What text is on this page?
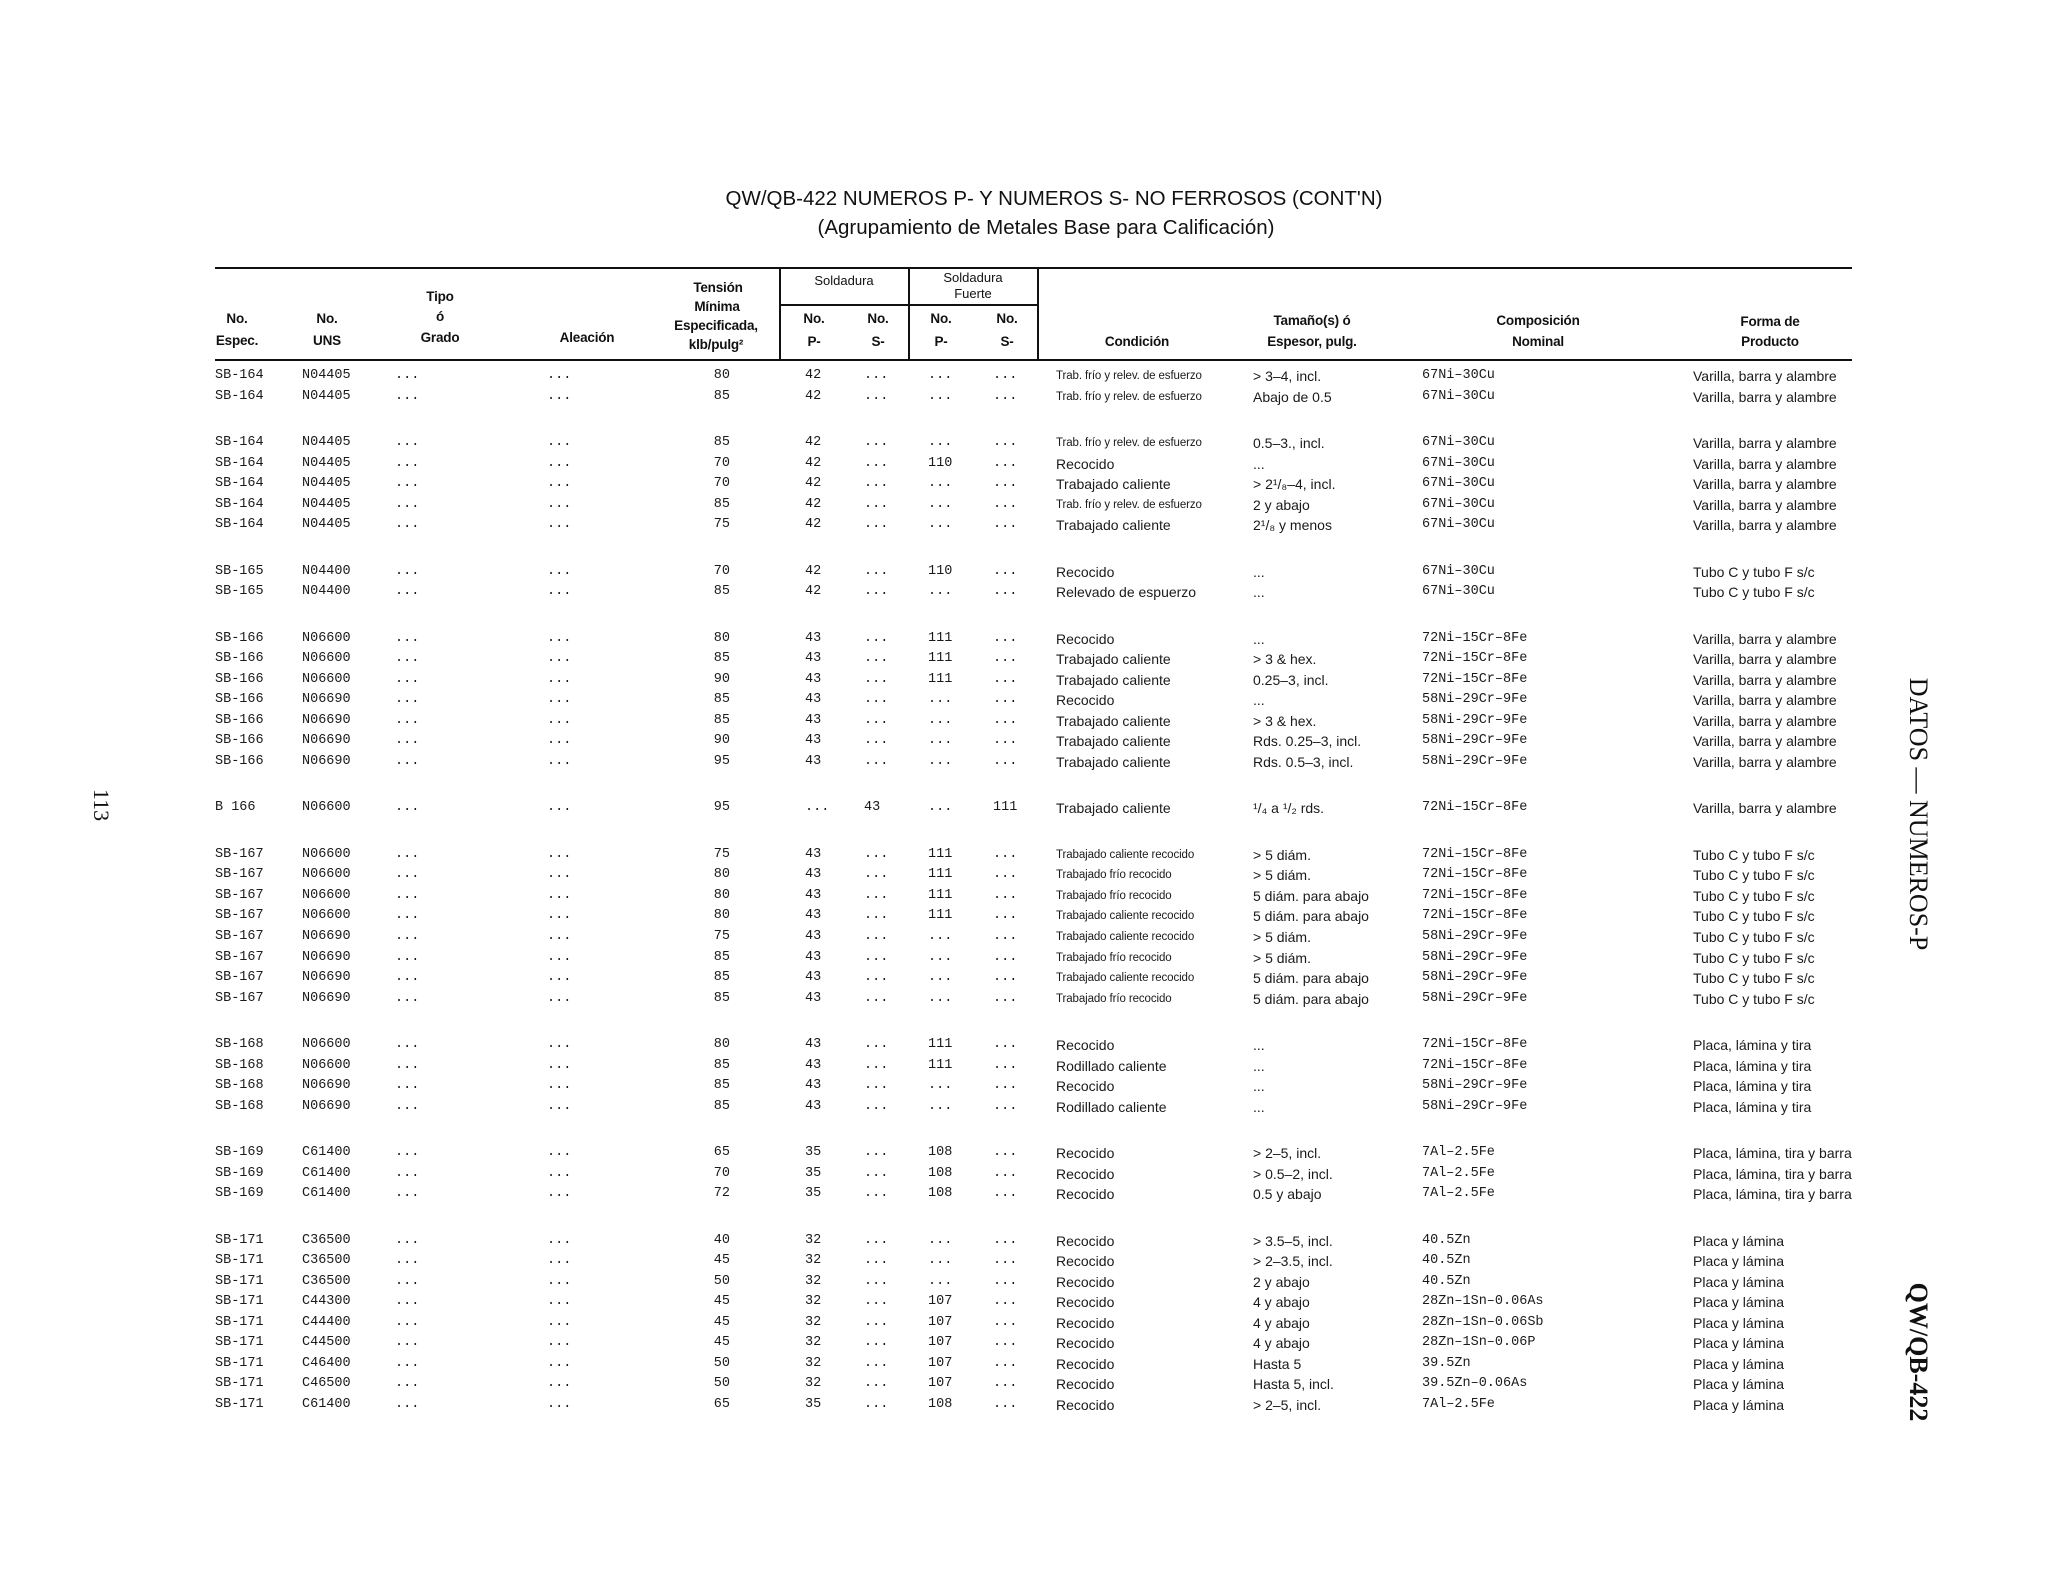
QW/QB-422 NUMEROS P- Y NUMEROS S- NO FERROSOS (CONT'N)
(Agrupamiento de Metales Base para Calificación)
No.
Espec.
No.
UNS
Tipo
ó
Grado	Aleación
Tensión
Mínima
Especificada,
klb/pulg²
Soldadura	Soldadura
Fuerte
No.
P-
No.
S-
No.
P-
No.
S-	Condición
Tamaño(s) ó
Espesor, pulg.
Composición
Nominal
Forma de
Producto
SB-164	N04405	...	...	80	42	...	...	...	Trab. frío y relev. de esfuerzo	> 3–4, incl.	67Ni–30Cu	Varilla, barra y alambre
SB-164	N04405	...	...	85	42	...	...	...	Trab. frío y relev. de esfuerzo	Abajo de 0.5	67Ni–30Cu	Varilla, barra y alambre
SB-164	N04405	...	...	85	42	...	...	...	Trab. frío y relev. de esfuerzo	0.5–3., incl.	67Ni–30Cu	Varilla, barra y alambre
SB-164	N04405	...	...	70	42	...	110	...	Recocido	...	67Ni–30Cu	Varilla, barra y alambre
SB-164	N04405	...	...	70	42	...	...	...	Trabajado caliente	> 2¹/₈–4, incl.	67Ni–30Cu	Varilla, barra y alambre
SB-164	N04405	...	...	85	42	...	...	...	Trab. frío y relev. de esfuerzo	2 y abajo	67Ni–30Cu	Varilla, barra y alambre
SB-164	N04405	...	...	75	42	...	...	...	Trabajado caliente	2¹/₈ y menos	67Ni–30Cu	Varilla, barra y alambre
SB-165	N04400	...	...	70	42	...	110	...	Recocido	...	67Ni–30Cu	Tubo C y tubo F s/c
SB-165	N04400	...	...	85	42	...	...	...	Relevado de espuerzo	...	67Ni–30Cu	Tubo C y tubo F s/c
SB-166	N06600	...	...	80	43	...	111	...	Recocido	...	72Ni–15Cr–8Fe	Varilla, barra y alambre
SB-166	N06600	...	...	85	43	...	111	...	Trabajado caliente	> 3 & hex.	72Ni–15Cr–8Fe	Varilla, barra y alambre
SB-166	N06600	...	...	90	43	...	111	...	Trabajado caliente	0.25–3, incl.	72Ni–15Cr–8Fe	Varilla, barra y alambre
SB-166	N06690	...	...	85	43	...	...	...	Recocido	...	58Ni–29Cr–9Fe	Varilla, barra y alambre
SB-166	N06690	...	...	85	43	...	...	...	Trabajado caliente	> 3 & hex.	58Ni-29Cr–9Fe	Varilla, barra y alambre
SB-166	N06690	...	...	90	43	...	...	...	Trabajado caliente	Rds. 0.25–3, incl.	58Ni–29Cr–9Fe	Varilla, barra y alambre
SB-166	N06690	...	...	95	43	...	...	...	Trabajado caliente	Rds. 0.5–3, incl.	58Ni–29Cr–9Fe	Varilla, barra y alambre
B 166	N06600	...	...	95	...	43	...	111	Trabajado caliente	¹/₄ a ¹/₂ rds.	72Ni–15Cr–8Fe	Varilla, barra y alambre
SB-167	N06600	...	...	75	43	...	111	...	Trabajado caliente recocido	> 5 diám.	72Ni–15Cr–8Fe	Tubo C y tubo F s/c
SB-167	N06600	...	...	80	43	...	111	...	Trabajado frío recocido	> 5 diám.	72Ni–15Cr–8Fe	Tubo C y tubo F s/c
SB-167	N06600	...	...	80	43	...	111	...	Trabajado frío recocido	5 diám. para abajo	72Ni–15Cr–8Fe	Tubo C y tubo F s/c
SB-167	N06600	...	...	80	43	...	111	...	Trabajado caliente recocido	5 diám. para abajo	72Ni–15Cr–8Fe	Tubo C y tubo F s/c
SB-167	N06690	...	...	75	43	...	...	...	Trabajado caliente recocido	> 5 diám.	58Ni–29Cr–9Fe	Tubo C y tubo F s/c
SB-167	N06690	...	...	85	43	...	...	...	Trabajado frío recocido	> 5 diám.	58Ni–29Cr–9Fe	Tubo C y tubo F s/c
SB-167	N06690	...	...	85	43	...	...	...	Trabajado caliente recocido	5 diám. para abajo	58Ni–29Cr–9Fe	Tubo C y tubo F s/c
SB-167	N06690	...	...	85	43	...	...	...	Trabajado frío recocido	5 diám. para abajo	58Ni–29Cr–9Fe	Tubo C y tubo F s/c
SB-168	N06600	...	...	80	43	...	111	...	Recocido	...	72Ni–15Cr–8Fe	Placa, lámina y tira
SB-168	N06600	...	...	85	43	...	111	...	Rodillado caliente	...	72Ni–15Cr–8Fe	Placa, lámina y tira
SB-168	N06690	...	...	85	43	...	...	...	Recocido	...	58Ni–29Cr–9Fe	Placa, lámina y tira
SB-168	N06690	...	...	85	43	...	...	...	Rodillado caliente	...	58Ni–29Cr–9Fe	Placa, lámina y tira
SB-169	C61400	...	...	65	35	...	108	...	Recocido	> 2–5, incl.	7Al–2.5Fe	Placa, lámina, tira y barra
SB-169	C61400	...	...	70	35	...	108	...	Recocido	> 0.5–2, incl.	7Al–2.5Fe	Placa, lámina, tira y barra
SB-169	C61400	...	...	72	35	...	108	...	Recocido	0.5 y abajo	7Al–2.5Fe	Placa, lámina, tira y barra
SB-171	C36500	...	...	40	32	...	...	...	Recocido	> 3.5–5, incl.	40.5Zn	Placa y lámina
SB-171	C36500	...	...	45	32	...	...	...	Recocido	> 2–3.5, incl.	40.5Zn	Placa y lámina
SB-171	C36500	...	...	50	32	...	...	...	Recocido	2 y abajo	40.5Zn	Placa y lámina
SB-171	C44300	...	...	45	32	...	107	...	Recocido	4 y abajo	28Zn–1Sn–0.06As	Placa y lámina
SB-171	C44400	...	...	45	32	...	107	...	Recocido	4 y abajo	28Zn–1Sn–0.06Sb	Placa y lámina
SB-171	C44500	...	...	45	32	...	107	...	Recocido	4 y abajo	28Zn–1Sn–0.06P	Placa y lámina
SB-171	C46400	...	...	50	32	...	107	...	Recocido	Hasta 5	39.5Zn	Placa y lámina
SB-171	C46500	...	...	50	32	...	107	...	Recocido	Hasta 5, incl.	39.5Zn–0.06As	Placa y lámina
SB-171	C61400	...	...	65	35	...	108	...	Recocido	> 2–5, incl.	7Al–2.5Fe	Placa y lámina
113	DATOS — NUMEROS-P
QW/QB-422
